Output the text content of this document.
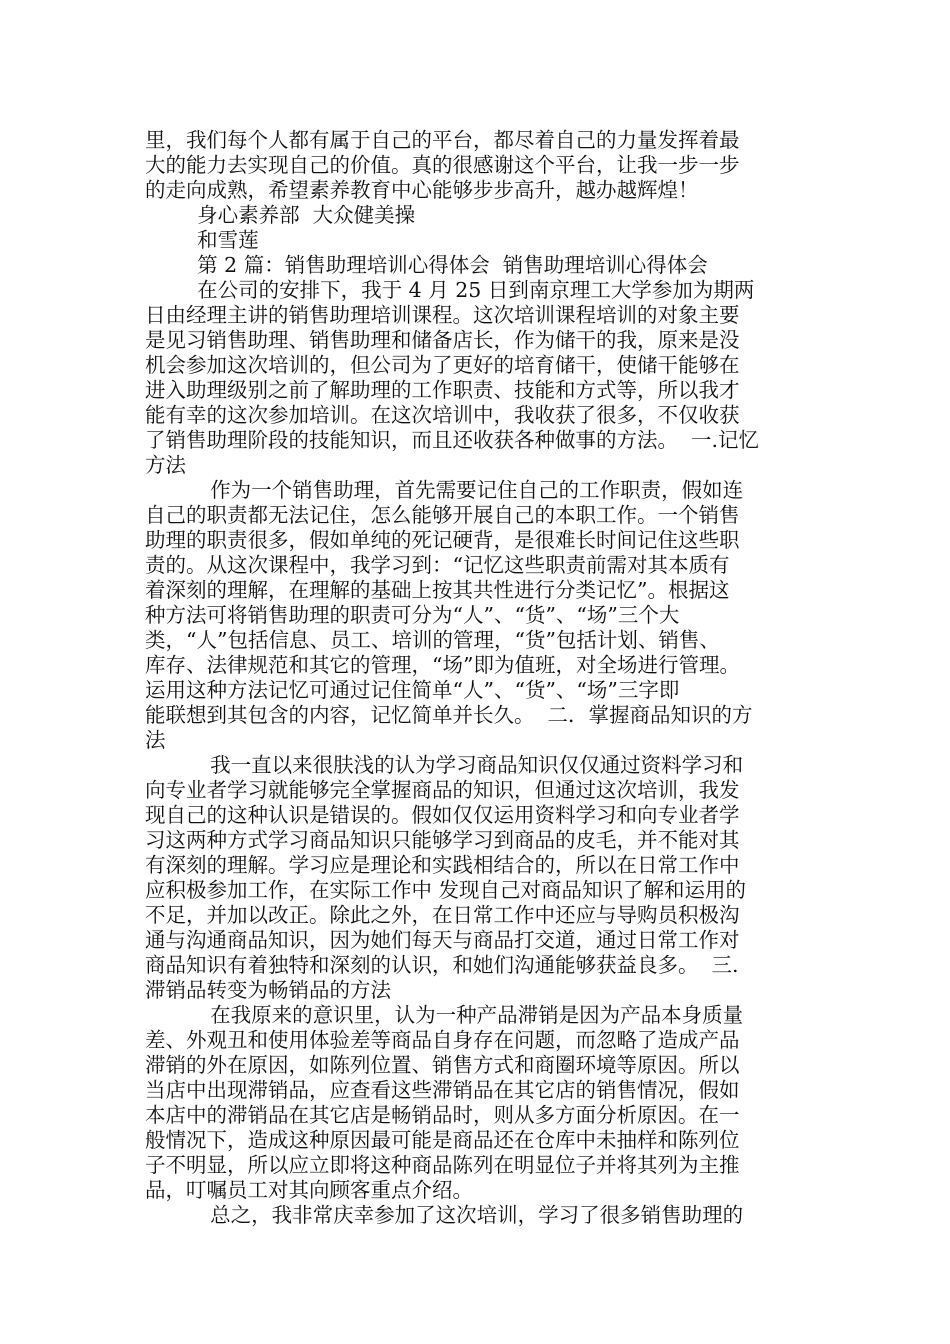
里，我们每个人都有属于自己的平台，都尽着自己的力量发挥着最
大的能力去实现自己的价值。真的很感谢这个平台，让我一步一步
的走向成熟，希望素养教育中心能够步步高升，越办越辉煌！
身心素养部  大众健美操
和雪莲
第 2 篇：销售助理培训心得体会  销售助理培训心得体会
在公司的安排下，我于 4 月 25 日到南京理工大学参加为期两
日由经理主讲的销售助理培训课程。这次培训课程培训的对象主要
是见习销售助理、销售助理和储备店长，作为储干的我，原来是没
机会参加这次培训的，但公司为了更好的培育储干，使储干能够在
进入助理级别之前了解助理的工作职责、技能和方式等，所以我才
能有幸的这次参加培训。在这次培训中，我收获了很多，不仅收获
了销售助理阶段的技能知识，而且还收获各种做事的方法。  一.记忆
方法
作为一个销售助理，首先需要记住自己的工作职责，假如连
自己的职责都无法记住，怎么能够开展自己的本职工作。一个销售
助理的职责很多，假如单纯的死记硬背，是很难长时间记住这些职
责的。从这次课程中，我学习到：“记忆这些职责前需对其本质有
着深刻的理解，在理解的基础上按其共性进行分类记忆”。根据这
种方法可将销售助理的职责可分为“人”、“货”、“场”三个大
类，“人”包括信息、员工、培训的管理，“货”包括计划、销售、
库存、法律规范和其它的管理，“场”即为值班，对全场进行管理。
运用这种方法记忆可通过记住简单“人”、“货”、“场”三字即
能联想到其包含的内容，记忆简单并长久。  二．掌握商品知识的方
法
我一直以来很肤浅的认为学习商品知识仅仅通过资料学习和
向专业者学习就能够完全掌握商品的知识，但通过这次培训，我发
现自己的这种认识是错误的。假如仅仅运用资料学习和向专业者学
习这两种方式学习商品知识只能够学习到商品的皮毛，并不能对其
有深刻的理解。学习应是理论和实践相结合的，所以在日常工作中
应积极参加工作，在实际工作中 发现自己对商品知识了解和运用的
不足，并加以改正。除此之外，在日常工作中还应与导购员积极沟
通与沟通商品知识，因为她们每天与商品打交道，通过日常工作对
商品知识有着独特和深刻的认识，和她们沟通能够获益良多。  三.
滞销品转变为畅销品的方法
在我原来的意识里，认为一种产品滞销是因为产品本身质量
差、外观丑和使用体验差等商品自身存在问题，而忽略了造成产品
滞销的外在原因，如陈列位置、销售方式和商圈环境等原因。所以
当店中出现滞销品，应查看这些滞销品在其它店的销售情况，假如
本店中的滞销品在其它店是畅销品时，则从多方面分析原因。在一
般情况下，造成这种原因最可能是商品还在仓库中未抽样和陈列位
子不明显，所以应立即将这种商品陈列在明显位子并将其列为主推
品，叮嘱员工对其向顾客重点介绍。
总之，我非常庆幸参加了这次培训，学习了很多销售助理的
